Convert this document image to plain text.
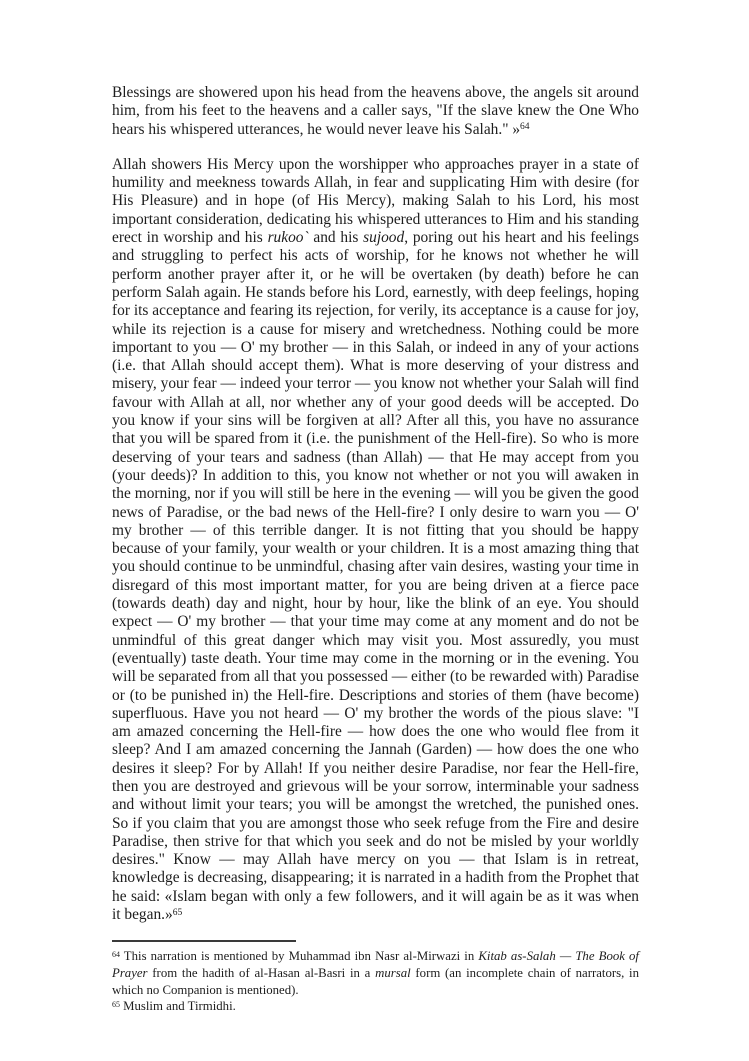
Blessings are showered upon his head from the heavens above, the angels sit around him, from his feet to the heavens and a caller says, "If the slave knew the One Who hears his whispered utterances, he would never leave his Salah." »$^{64}$

Allah showers His Mercy upon the worshipper who approaches prayer in a state of humility and meekness towards Allah, in fear and supplicating Him with desire (for His Pleasure) and in hope (of His Mercy), making Salah to his Lord, his most important consideration, dedicating his whispered utterances to Him and his standing erect in worship and his rukoo` and his sujood, poring out his heart and his feelings and struggling to perfect his acts of worship, for he knows not whether he will perform another prayer after it, or he will be overtaken (by death) before he can perform Salah again. He stands before his Lord, earnestly, with deep feelings, hoping for its acceptance and fearing its rejection, for verily, its acceptance is a cause for joy, while its rejection is a cause for misery and wretchedness. Nothing could be more important to you — O' my brother — in this Salah, or indeed in any of your actions (i.e. that Allah should accept them). What is more deserving of your distress and misery, your fear — indeed your terror — you know not whether your Salah will find favour with Allah at all, nor whether any of your good deeds will be accepted. Do you know if your sins will be forgiven at all? After all this, you have no assurance that you will be spared from it (i.e. the punishment of the Hell-fire). So who is more deserving of your tears and sadness (than Allah) — that He may accept from you (your deeds)? In addition to this, you know not whether or not you will awaken in the morning, nor if you will still be here in the evening — will you be given the good news of Paradise, or the bad news of the Hell-fire? I only desire to warn you — O' my brother — of this terrible danger. It is not fitting that you should be happy because of your family, your wealth or your children. It is a most amazing thing that you should continue to be unmindful, chasing after vain desires, wasting your time in disregard of this most important matter, for you are being driven at a fierce pace (towards death) day and night, hour by hour, like the blink of an eye. You should expect — O' my brother — that your time may come at any moment and do not be unmindful of this great danger which may visit you. Most assuredly, you must (eventually) taste death. Your time may come in the morning or in the evening. You will be separated from all that you possessed — either (to be rewarded with) Paradise or (to be punished in) the Hell-fire. Descriptions and stories of them (have become) superfluous. Have you not heard — O' my brother the words of the pious slave: "I am amazed concerning the Hell-fire — how does the one who would flee from it sleep? And I am amazed concerning the Jannah (Garden) — how does the one who desires it sleep? For by Allah! If you neither desire Paradise, nor fear the Hell-fire, then you are destroyed and grievous will be your sorrow, interminable your sadness and without limit your tears; you will be amongst the wretched, the punished ones. So if you claim that you are amongst those who seek refuge from the Fire and desire Paradise, then strive for that which you seek and do not be misled by your worldly desires." Know — may Allah have mercy on you — that Islam is in retreat, knowledge is decreasing, disappearing; it is narrated in a hadith from the Prophet that he said: «Islam began with only a few followers, and it will again be as it was when it began.»$^{65}$

$^{64}$ This narration is mentioned by Muhammad ibn Nasr al-Mirwazi in Kitab as-Salah — The Book of Prayer from the hadith of al-Hasan al-Basri in a mursal form (an incomplete chain of narrators, in which no Companion is mentioned).

$^{65}$ Muslim and Tirmidhi.
